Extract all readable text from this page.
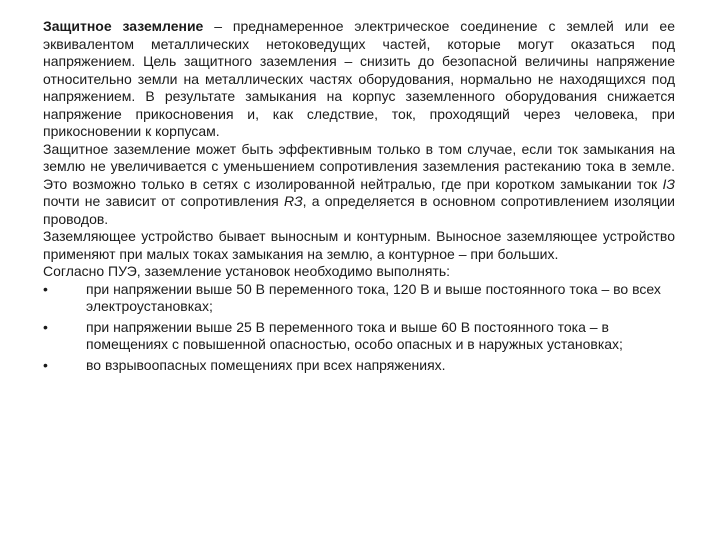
Защитное заземление – преднамеренное электрическое соединение с землей или ее эквивалентом металлических нетоковедущих частей, которые могут оказаться под напряжением. Цель защитного заземления – снизить до безопасной величины напряжение относительно земли на металлических частях оборудования, нормально не находящихся под напряжением. В результате замыкания на корпус заземленного оборудования снижается напряжение прикосновения и, как следствие, ток, проходящий через человека, при прикосновении к корпусам.

Защитное заземление может быть эффективным только в том случае, если ток замыкания на землю не увеличивается с уменьшением сопротивления заземления растеканию тока в земле. Это возможно только в сетях с изолированной нейтралью, где при коротком замыкании ток IЗ почти не зависит от сопротивления RЗ, а определяется в основном сопротивлением изоляции проводов.

Заземляющее устройство бывает выносным и контурным. Выносное заземляющее устройство применяют при малых токах замыкания на землю, а контурное – при больших.

Согласно ПУЭ, заземление установок необходимо выполнять:

•	при напряжении выше 50 В переменного тока, 120 В и выше постоянного тока – во всех электроустановках;
•	при напряжении выше 25 В переменного тока и выше 60 В постоянного тока – в помещениях с повышенной опасностью, особо опасных и в наружных установках;
•	во взрывоопасных помещениях при всех напряжениях.
